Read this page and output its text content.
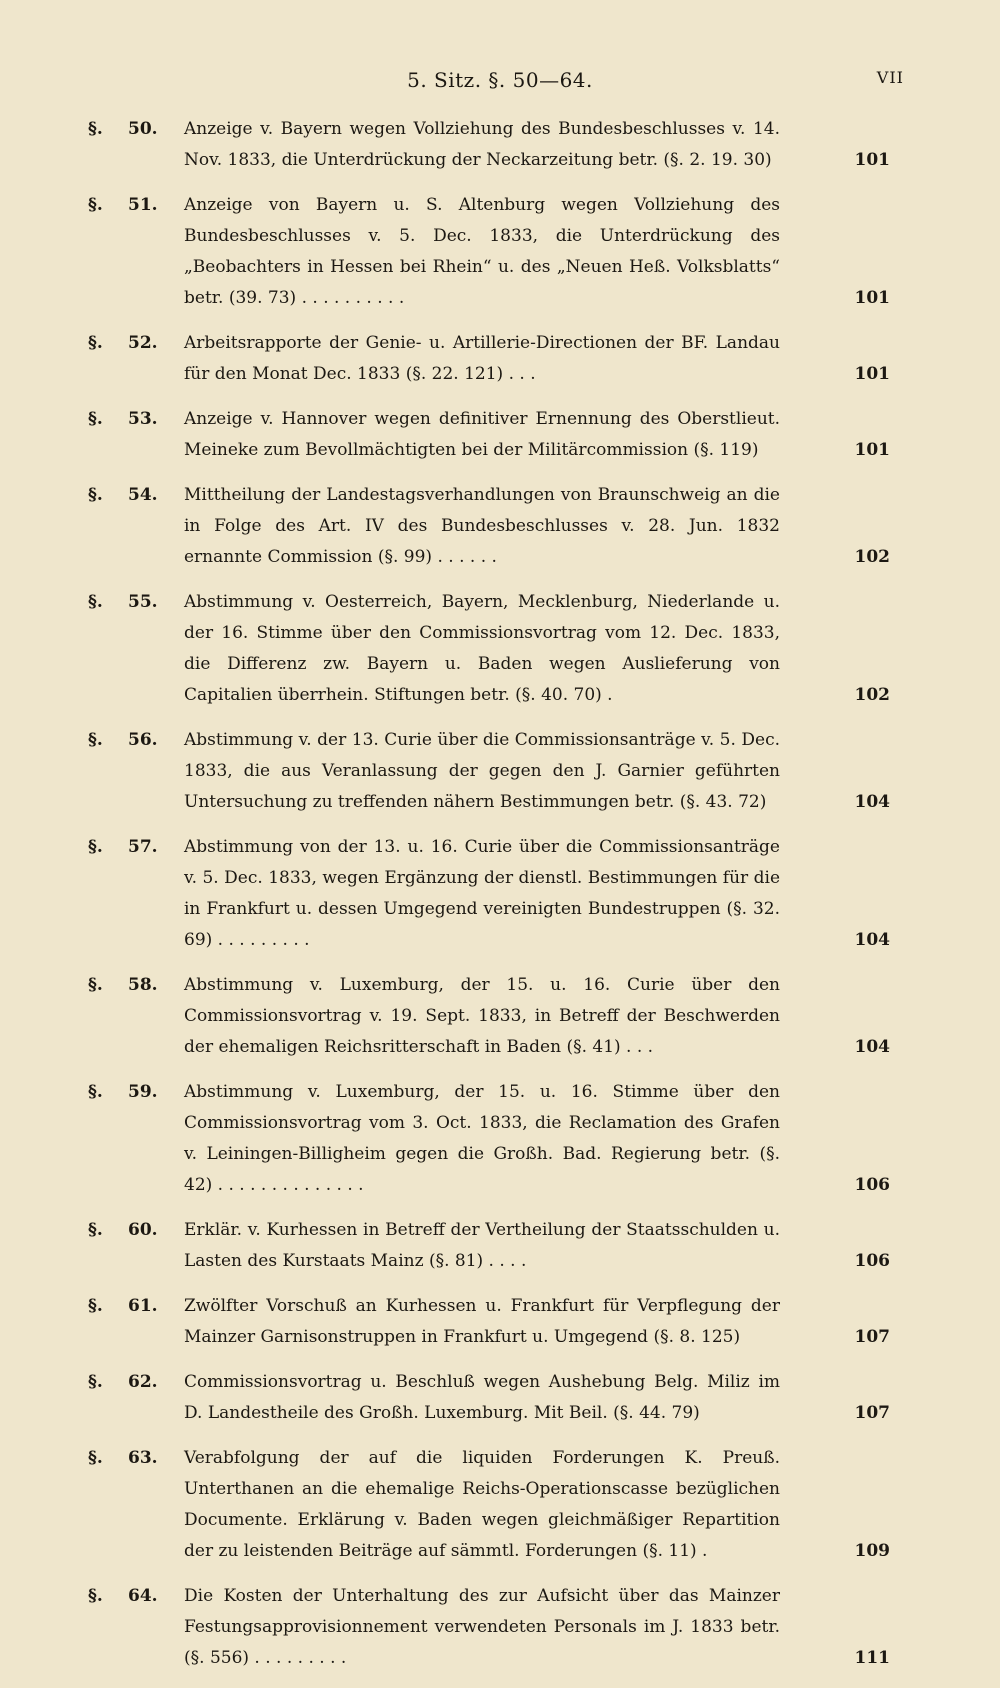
5. Sitz. §. 50—64.	VII
§. 50. Anzeige v. Bayern wegen Vollziehung des Bundesbeschlusses v. 14. Nov. 1833, die Unterdrückung der Neckarzeitung betr. (§. 2. 19. 30)	101
§. 51. Anzeige von Bayern u. S. Altenburg wegen Vollziehung des Bundesbeschlusses v. 5. Dec. 1833, die Unterdrückung des „Beobachters in Hessen bei Rhein“ u. des „Neuen Heß. Volksblatts“ betr. (39. 73) . . . . . . . . . .	101
§. 52. Arbeitsrapporte der Genie- u. Artillerie-Directionen der BF. Landau für den Monat Dec. 1833 (§. 22. 121) . . .	101
§. 53. Anzeige v. Hannover wegen definitiver Ernennung des Oberstlieut. Meineke zum Bevollmächtigten bei der Militärcommission (§. 119)	101
§. 54. Mittheilung der Landestagsverhandlungen von Braunschweig an die in Folge des Art. IV des Bundesbeschlusses v. 28. Jun. 1832 ernannte Commission (§. 99) . . . . . .	102
§. 55. Abstimmung v. Oesterreich, Bayern, Mecklenburg, Niederlande u. der 16. Stimme über den Commissionsvortrag vom 12. Dec. 1833, die Differenz zw. Bayern u. Baden wegen Auslieferung von Capitalien überrhein. Stiftungen betr. (§. 40. 70) .	102
§. 56. Abstimmung v. der 13. Curie über die Commissionsanträge v. 5. Dec. 1833, die aus Veranlassung der gegen den J. Garnier geführten Untersuchung zu treffenden nähern Bestimmungen betr. (§. 43. 72)	104
§. 57. Abstimmung von der 13. u. 16. Curie über die Commissionsanträge v. 5. Dec. 1833, wegen Ergänzung der dienstl. Bestimmungen für die in Frankfurt u. dessen Umgegend vereinigten Bundestruppen (§. 32. 69) . . . . . . . . .	104
§. 58. Abstimmung v. Luxemburg, der 15. u. 16. Curie über den Commissionsvortrag v. 19. Sept. 1833, in Betreff der Beschwerden der ehemaligen Reichsritterschaft in Baden (§. 41) . . .	104
§. 59. Abstimmung v. Luxemburg, der 15. u. 16. Stimme über den Commissionsvortrag vom 3. Oct. 1833, die Reclamation des Grafen v. Leiningen-Billigheim gegen die Großh. Bad. Regierung betr. (§. 42) . . . . . . . . . . . . . .	106
§. 60. Erklär. v. Kurhessen in Betreff der Vertheilung der Staatsschulden u. Lasten des Kurstaats Mainz (§. 81) . . . .	106
§. 61. Zwölfter Vorschuß an Kurhessen u. Frankfurt für Verpflegung der Mainzer Garnisonstruppen in Frankfurt u. Umgegend (§. 8. 125)	107
§. 62. Commissionsvortrag u. Beschluß wegen Aushebung Belg. Miliz im D. Landestheile des Großh. Luxemburg. Mit Beil. (§. 44. 79)	107
§. 63. Verabfolgung der auf die liquiden Forderungen K. Preuß. Unterthanen an die ehemalige Reichs-Operationscasse bezüglichen Documente. Erklärung v. Baden wegen gleichmäßiger Repartition der zu leistenden Beiträge auf sämmtl. Forderungen (§. 11) .	109
§. 64. Die Kosten der Unterhaltung des zur Aufsicht über das Mainzer Festungsapprovisionnement verwendeten Personals im J. 1833 betr. (§. 556) . . . . . . . . .	111
